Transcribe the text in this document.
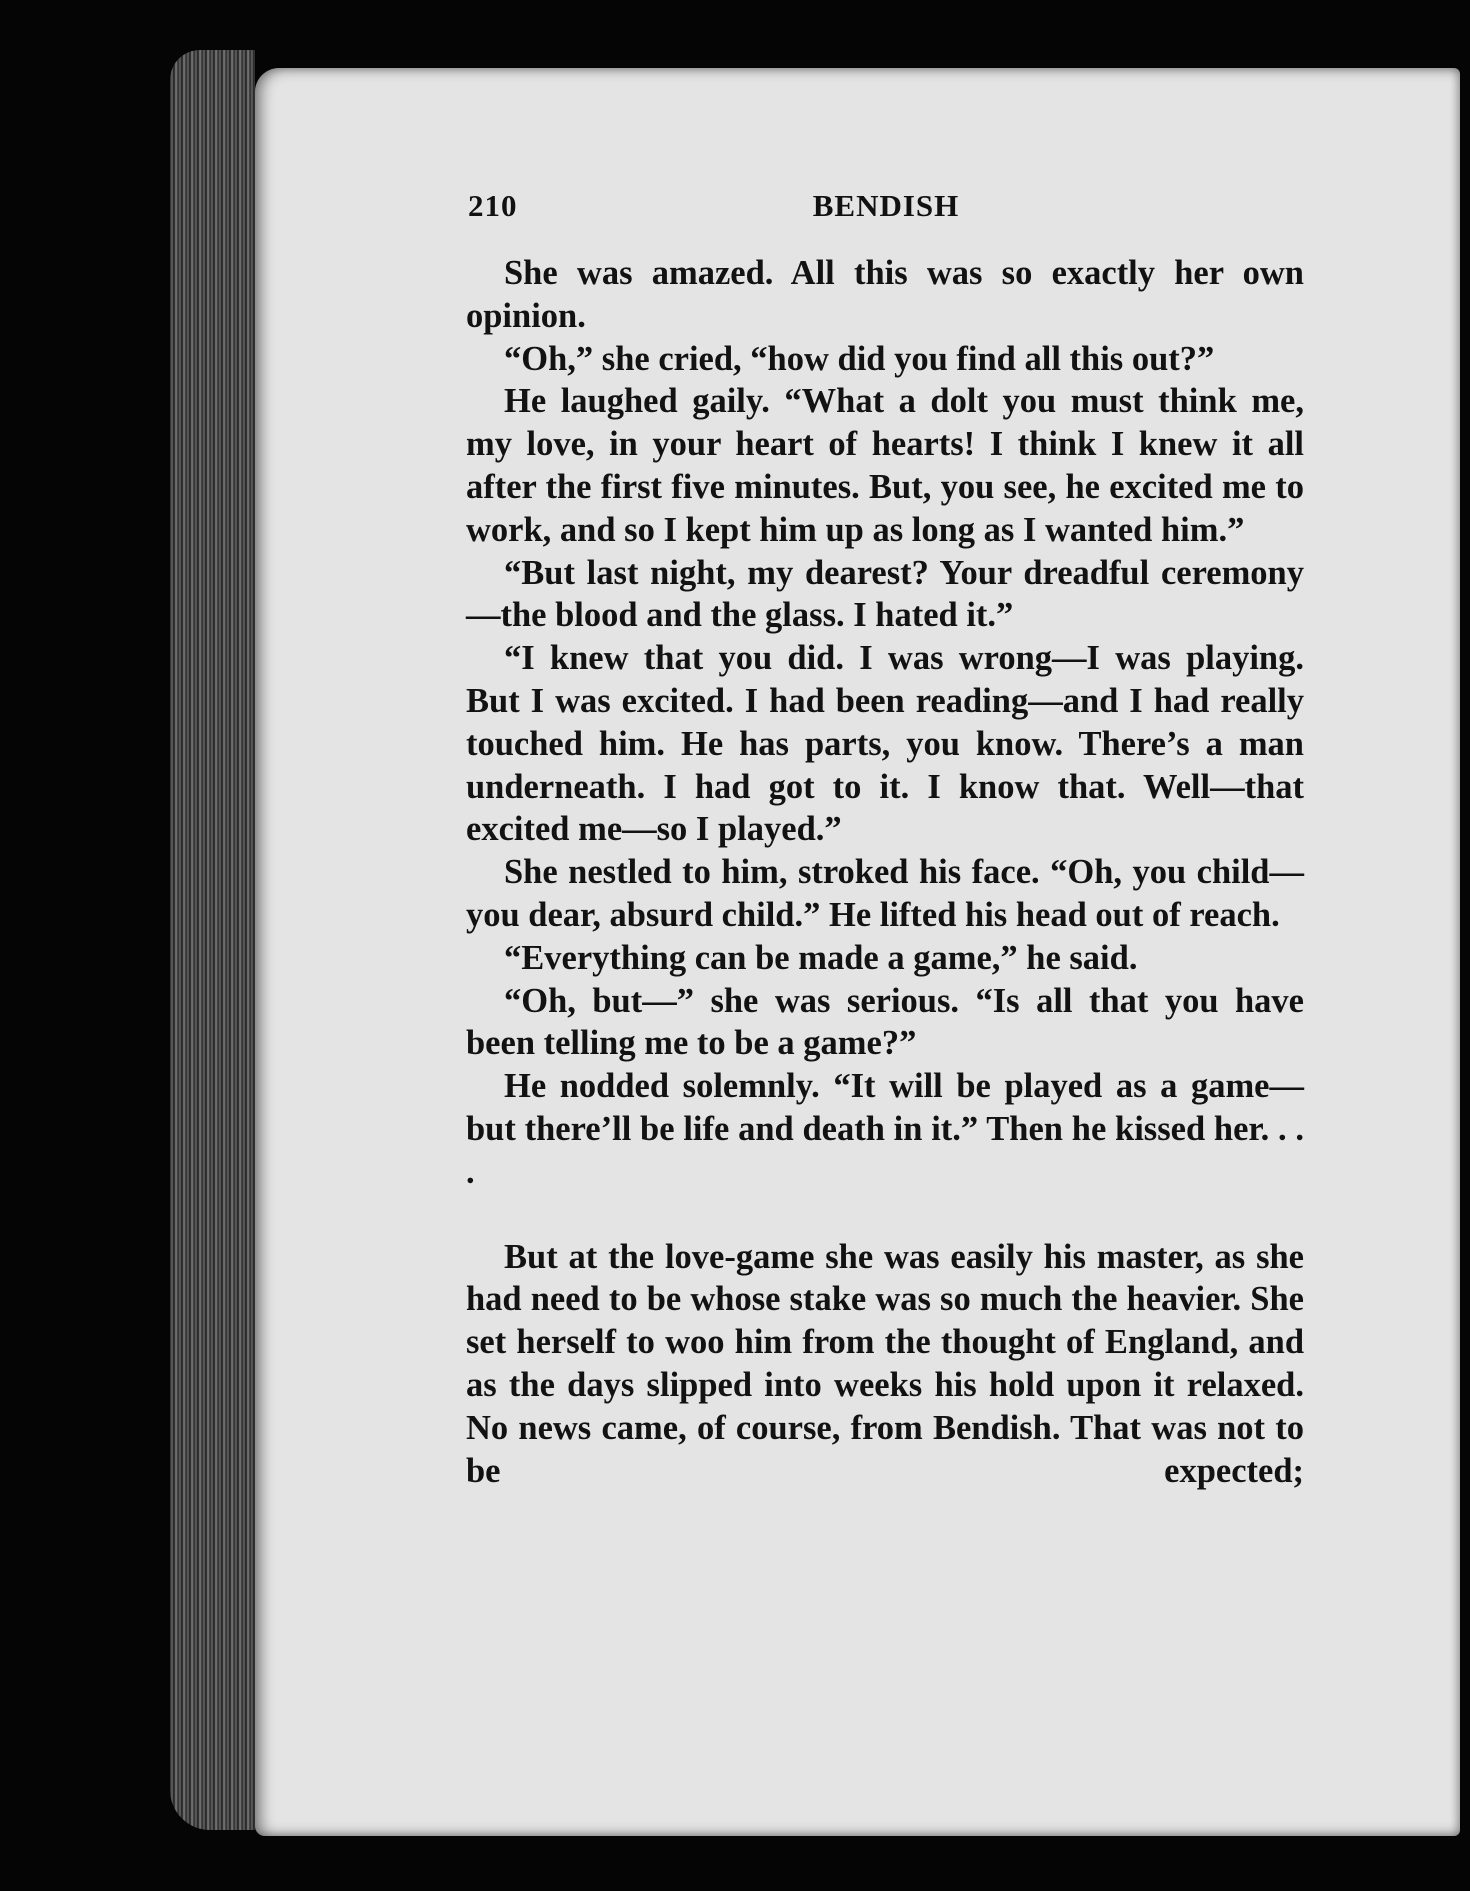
210	BENDISH

She was amazed. All this was so exactly her own opinion.

“Oh,” she cried, “how did you find all this out?”

He laughed gaily. “What a dolt you must think me, my love, in your heart of hearts! I think I knew it all after the first five minutes. But, you see, he excited me to work, and so I kept him up as long as I wanted him.”

“But last night, my dearest? Your dreadful ceremony—the blood and the glass. I hated it.”

“I knew that you did. I was wrong—I was playing. But I was excited. I had been reading—and I had really touched him. He has parts, you know. There’s a man underneath. I had got to it. I know that. Well—that excited me—so I played.”

She nestled to him, stroked his face. “Oh, you child—you dear, absurd child.” He lifted his head out of reach.

“Everything can be made a game,” he said.

“Oh, but—” she was serious. “Is all that you have been telling me to be a game?”

He nodded solemnly. “It will be played as a game—but there’ll be life and death in it.” Then he kissed her. . . .

But at the love-game she was easily his master, as she had need to be whose stake was so much the heavier. She set herself to woo him from the thought of England, and as the days slipped into weeks his hold upon it relaxed. No news came, of course, from Bendish. That was not to be expected;
